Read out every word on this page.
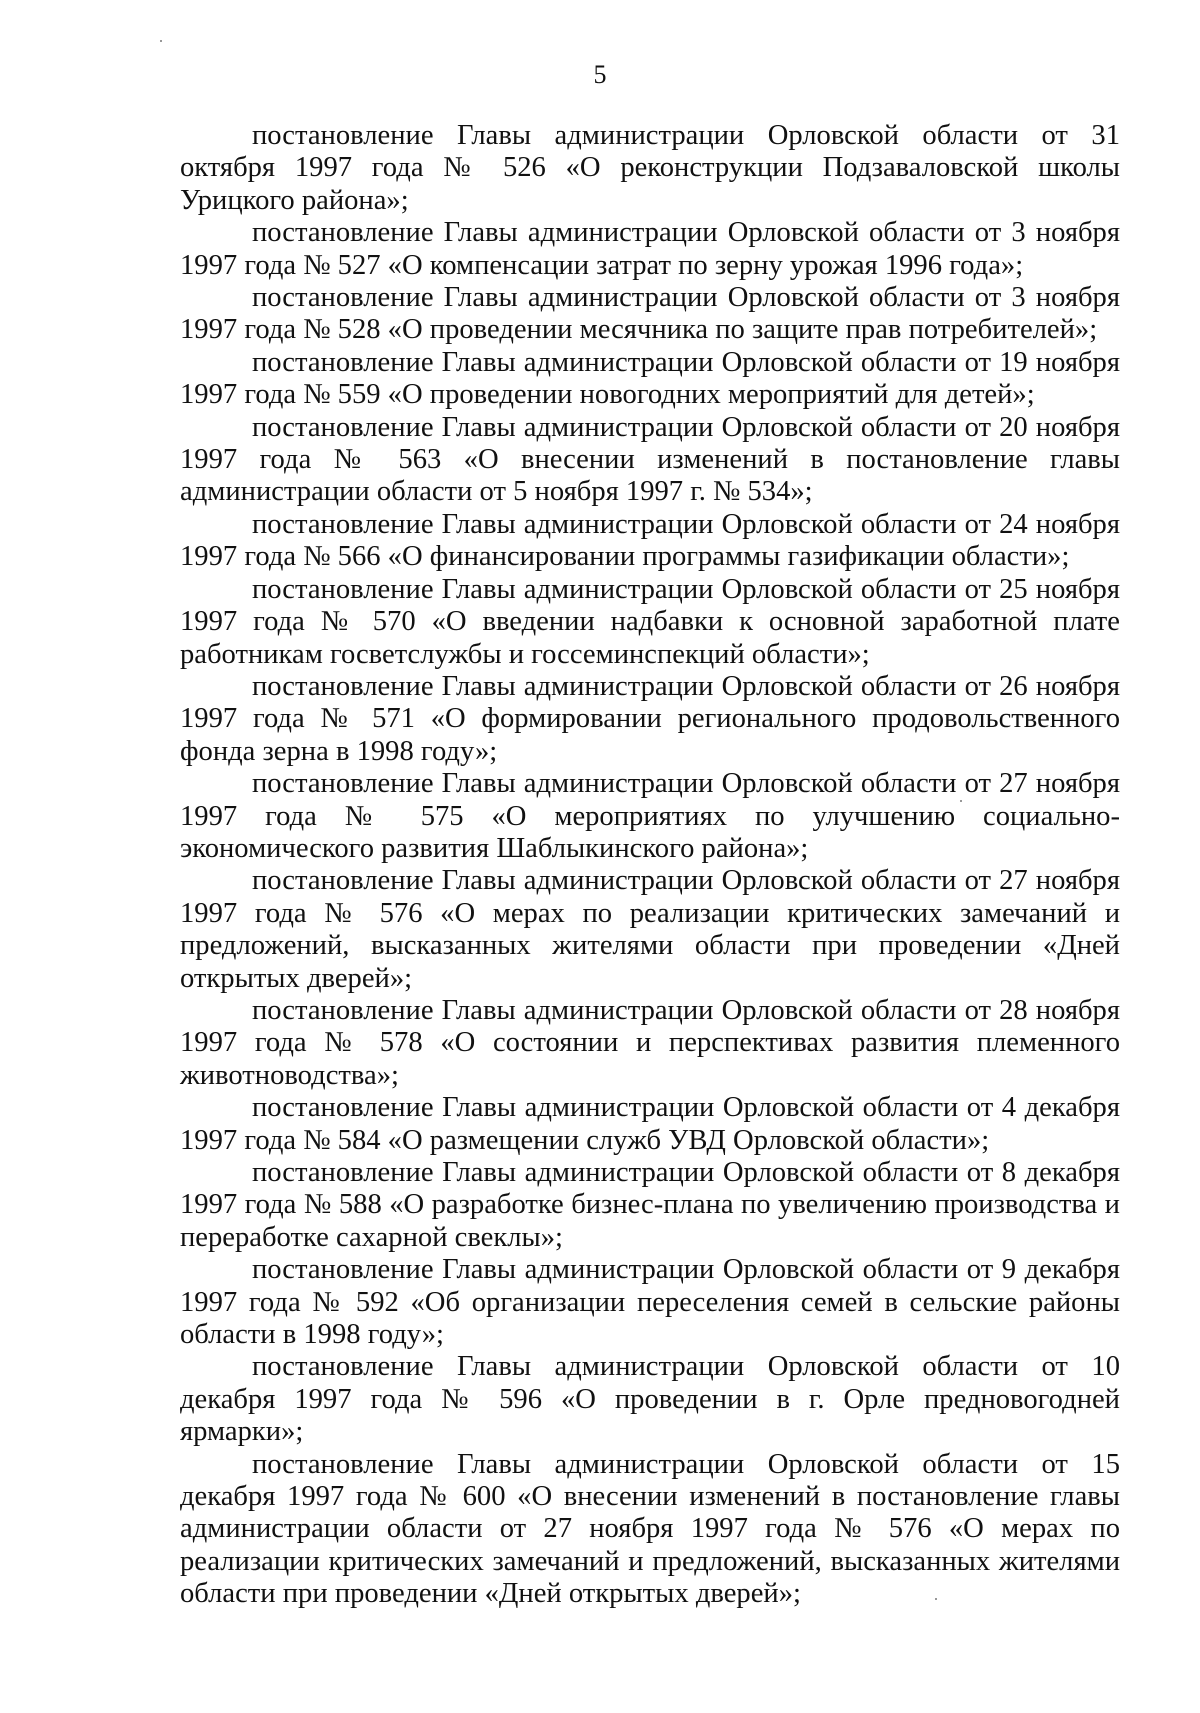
5

постановление Главы администрации Орловской области от 31 октября 1997 года № 526 «О реконструкции Подзаваловской школы Урицкого района»;

постановление Главы администрации Орловской области от 3 ноября 1997 года № 527 «О компенсации затрат по зерну урожая 1996 года»;

постановление Главы администрации Орловской области от 3 ноября 1997 года № 528 «О проведении месячника по защите прав потребителей»;

постановление Главы администрации Орловской области от 19 ноября 1997 года № 559 «О проведении новогодних мероприятий для детей»;

постановление Главы администрации Орловской области от 20 ноября 1997 года № 563 «О внесении изменений в постановление главы администрации области от 5 ноября 1997 г. № 534»;

постановление Главы администрации Орловской области от 24 ноября 1997 года № 566 «О финансировании программы газификации области»;

постановление Главы администрации Орловской области от 25 ноября 1997 года № 570 «О введении надбавки к основной заработной плате работникам госветслужбы и госсеминспекций области»;

постановление Главы администрации Орловской области от 26 ноября 1997 года № 571 «О формировании регионального продовольственного фонда зерна в 1998 году»;

постановление Главы администрации Орловской области от 27 ноября 1997 года № 575 «О мероприятиях по улучшению социально-экономического развития Шаблыкинского района»;

постановление Главы администрации Орловской области от 27 ноября 1997 года № 576 «О мерах по реализации критических замечаний и предложений, высказанных жителями области при проведении «Дней открытых дверей»;

постановление Главы администрации Орловской области от 28 ноября 1997 года № 578 «О состоянии и перспективах развития племенного животноводства»;

постановление Главы администрации Орловской области от 4 декабря 1997 года № 584 «О размещении служб УВД Орловской области»;

постановление Главы администрации Орловской области от 8 декабря 1997 года № 588 «О разработке бизнес-плана по увеличению производства и переработке сахарной свеклы»;

постановление Главы администрации Орловской области от 9 декабря 1997 года № 592 «Об организации переселения семей в сельские районы области в 1998 году»;

постановление Главы администрации Орловской области от 10 декабря 1997 года № 596 «О проведении в г. Орле предновогодней ярмарки»;

постановление Главы администрации Орловской области от 15 декабря 1997 года № 600 «О внесении изменений в постановление главы администрации области от 27 ноября 1997 года № 576 «О мерах по реализации критических замечаний и предложений, высказанных жителями области при проведении «Дней открытых дверей»;
